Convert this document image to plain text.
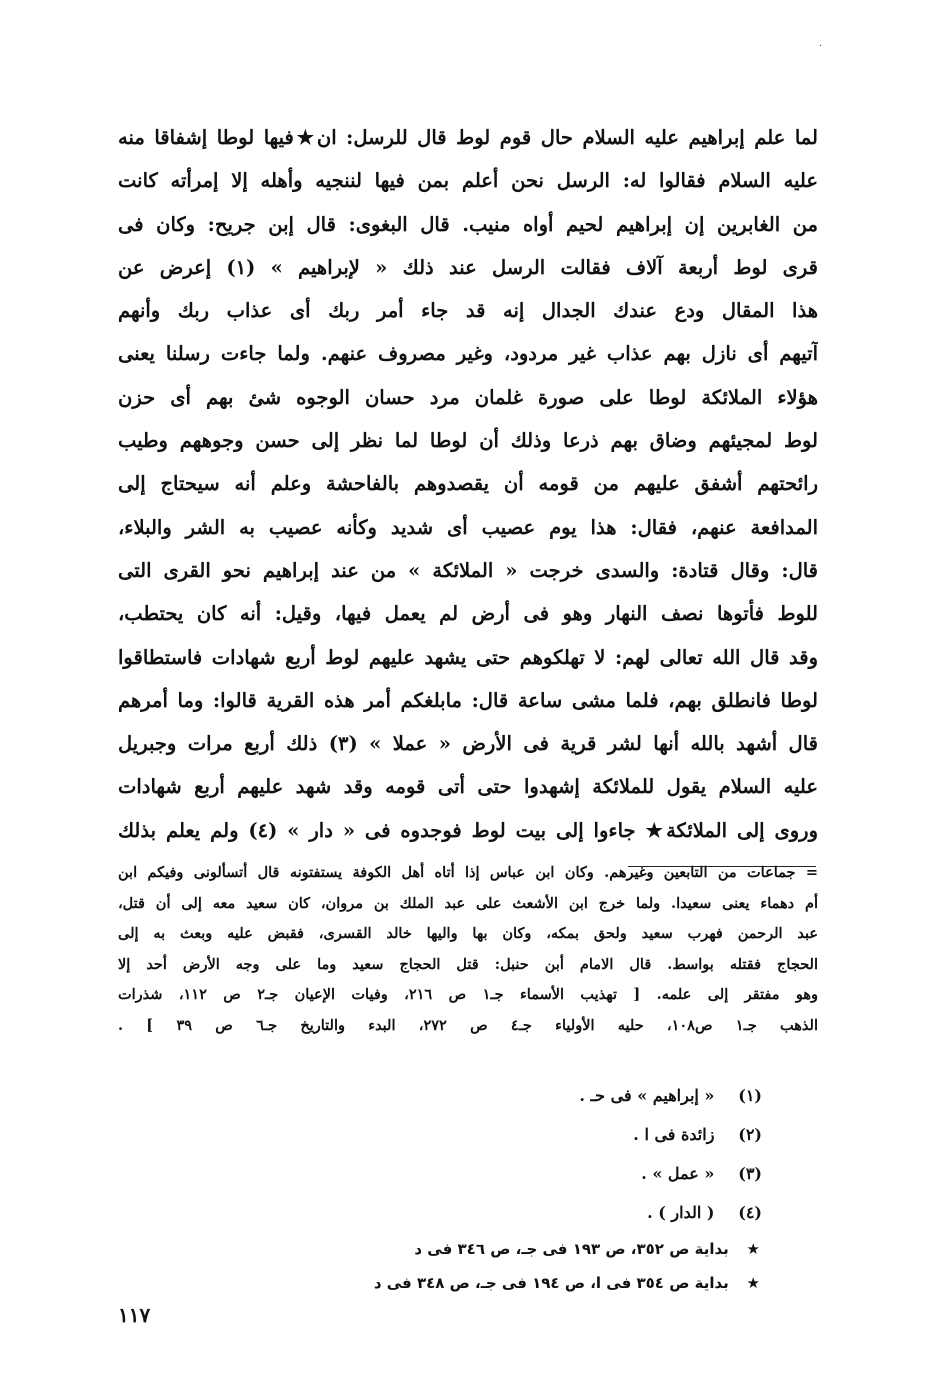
·
لما علم إبراهيم عليه السلام حال قوم لوط قال للرسل: ان★فيها لوطا إشفاقا منه
عليه السلام فقالوا له: الرسل نحن أعلم بمن فيها لننجيه وأهله إلا إمرأته كانت
من الغابرين إن إبراهيم لحيم أواه منيب. قال البغوى: قال إبن جريح: وكان فى
قرى لوط أربعة آلاف فقالت الرسل عند ذلك « لإبراهيم » (١) إعرض عن
هذا المقال ودع عندك الجدال إنه قد جاء أمر ربك أى عذاب ربك وأنهم
آتيهم أى نازل بهم عذاب غير مردود، وغير مصروف عنهم. ولما جاءت رسلنا يعنى
هؤلاء الملائكة لوطا على صورة غلمان مرد حسان الوجوه شئ بهم أى حزن
لوط لمجيئهم وضاق بهم ذرعا وذلك أن لوطا لما نظر إلى حسن وجوههم وطيب
رائحتهم أشفق عليهم من قومه أن يقصدوهم بالفاحشة وعلم أنه سيحتاج إلى
المدافعة عنهم، فقال: هذا يوم عصيب أى شديد وكأنه عصيب به الشر والبلاء،
قال: وقال قتادة: والسدى خرجت « الملائكة » من عند إبراهيم نحو القرى التى
للوط فأتوها نصف النهار وهو فى أرض لم يعمل فيها، وقيل: أنه كان يحتطب،
وقد قال الله تعالى لهم: لا تهلكوهم حتى يشهد عليهم لوط أربع شهادات فاستطاقوا
لوطا فانطلق بهم، فلما مشى ساعة قال: مابلغكم أمر هذه القرية قالوا: وما أمرهم
قال أشهد بالله أنها لشر قرية فى الأرض « عملا » (٣) ذلك أربع مرات وجبريل
عليه السلام يقول للملائكة إشهدوا حتى أتى قومه وقد شهد عليهم أربع شهادات
وروى إلى الملائكة★ جاءوا إلى بيت لوط فوجدوه فى « دار » (٤) ولم يعلم بذلك
= جماعات من التابعين وغيرهم. وكان ابن عباس إذا أتاه أهل الكوفة يستفتونه قال أتسألونى وفيكم ابن
أم دهماء يعنى سعيدا. ولما خرج ابن الأشعث على عبد الملك بن مروان، كان سعيد معه إلى أن قتل،
عبد الرحمن فهرب سعيد ولحق بمكه، وكان بها واليها خالد القسرى، فقبض عليه وبعث به إلى
الحجاج فقتله بواسط. قال الامام أبن حنبل: قتل الحجاج سعيد وما على وجه الأرض أحد إلا
وهو مفتقر إلى علمه. [ تهذيب الأسماء جـ١ ص ٢١٦، وفيات الإعيان جـ٢ ص ١١٢، شذرات
الذهب جـ١ ص١٠٨، حليه الأولياء جـ٤ ص ٢٧٢، البدء والتاريخ جـ٦ ص ٣٩ ] .
(١) « إبراهيم » فى حـ .
(٢) زائدة فى ا .
(٣) « عمل » .
(٤) ( الدار ) .
★ بداية ص ٣٥٢، ص ١٩٣ فى جـ، ص ٣٤٦ فى د
★ بداية ص ٣٥٤ فى ا، ص ١٩٤ فى جـ، ص ٣٤٨ فى د
١١٧
